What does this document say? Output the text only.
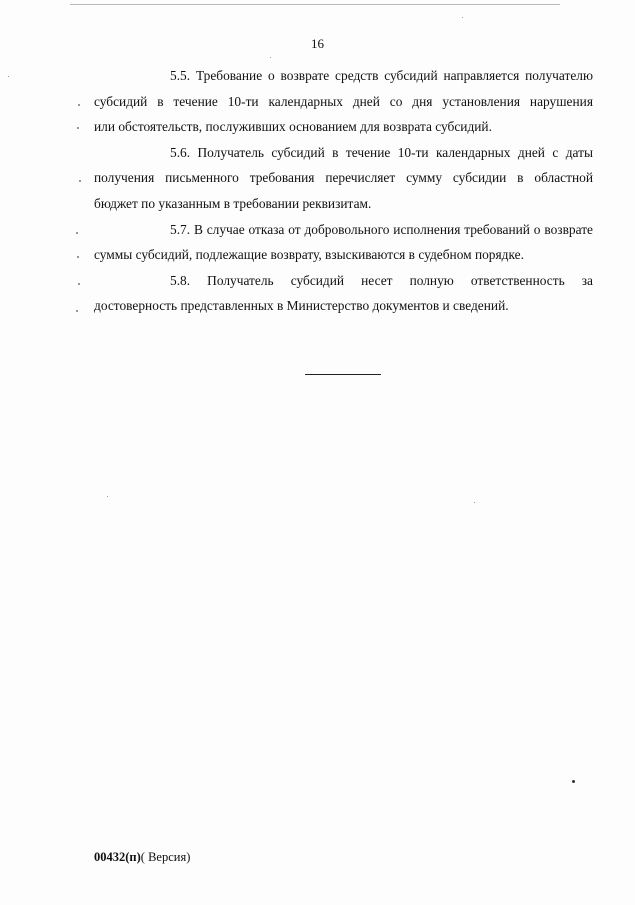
16

5.5. Требование о возврате средств субсидий направляется получателю
субсидий в течение 10-ти календарных дней со дня установления нарушения
или обстоятельств, послуживших основанием для возврата субсидий.

5.6. Получатель субсидий в течение 10-ти календарных дней с даты
получения письменного требования перечисляет сумму субсидии в областной
бюджет по указанным в требовании реквизитам.

5.7. В случае отказа от добровольного исполнения требований о возврате
суммы субсидий, подлежащие возврату, взыскиваются в судебном порядке.

5.8. Получатель субсидий несет полную ответственность за
достоверность представленных в Министерство документов и сведений.

00432(п)( Версия)
